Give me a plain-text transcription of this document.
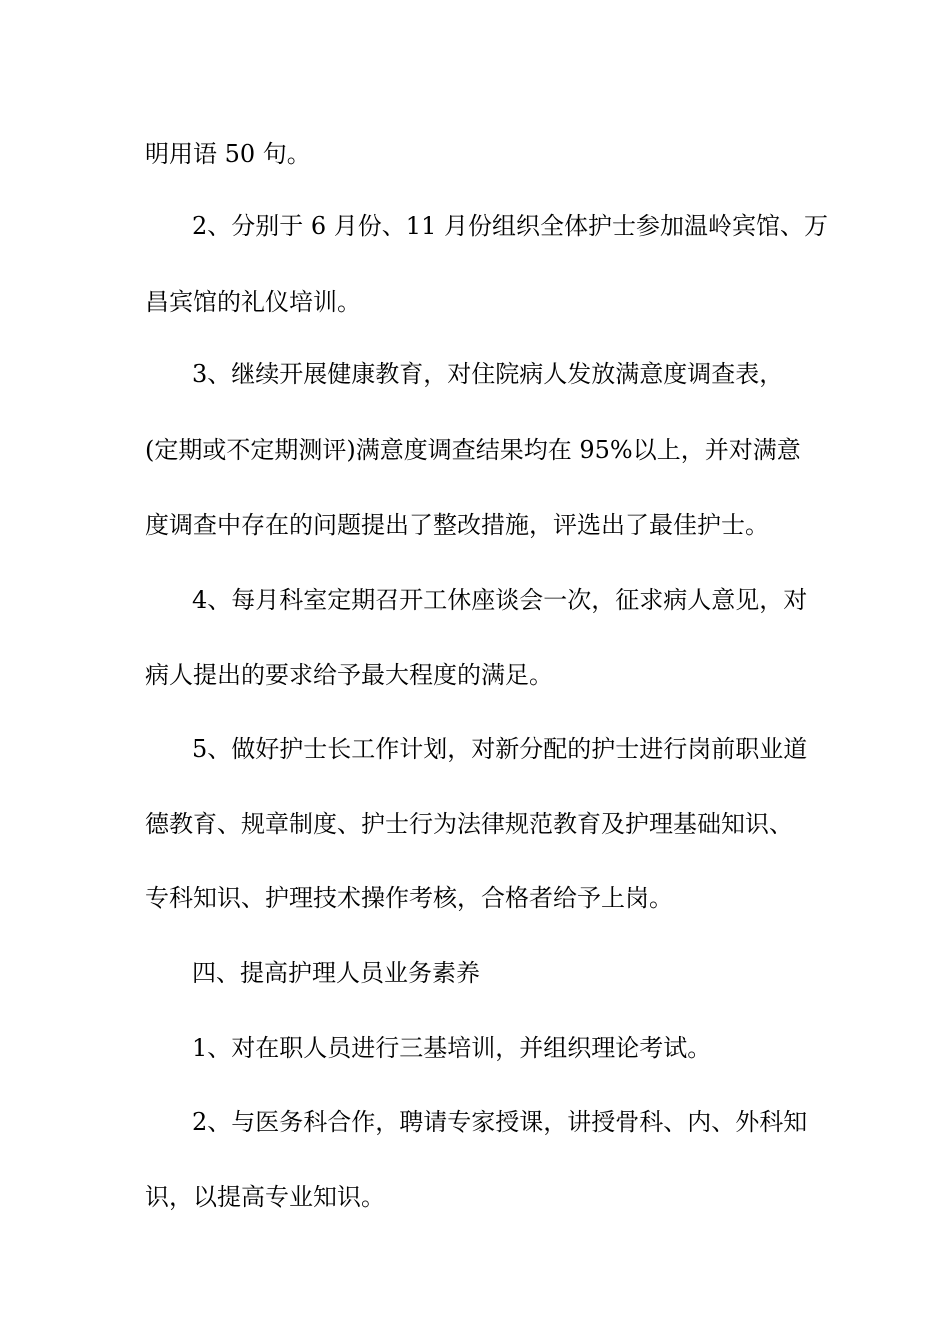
明用语 50 句。
2、分别于 6 月份、11 月份组织全体护士参加温岭宾馆、万
昌宾馆的礼仪培训。
3、继续开展健康教育，对住院病人发放满意度调查表，
(定期或不定期测评)满意度调查结果均在 95%以上，并对满意
度调查中存在的问题提出了整改措施，评选出了最佳护士。
4、每月科室定期召开工休座谈会一次，征求病人意见，对
病人提出的要求给予最大程度的满足。
5、做好护士长工作计划，对新分配的护士进行岗前职业道
德教育、规章制度、护士行为法律规范教育及护理基础知识、
专科知识、护理技术操作考核，合格者给予上岗。
四、提高护理人员业务素养
1、对在职人员进行三基培训，并组织理论考试。
2、与医务科合作，聘请专家授课，讲授骨科、内、外科知
识，以提高专业知识。
